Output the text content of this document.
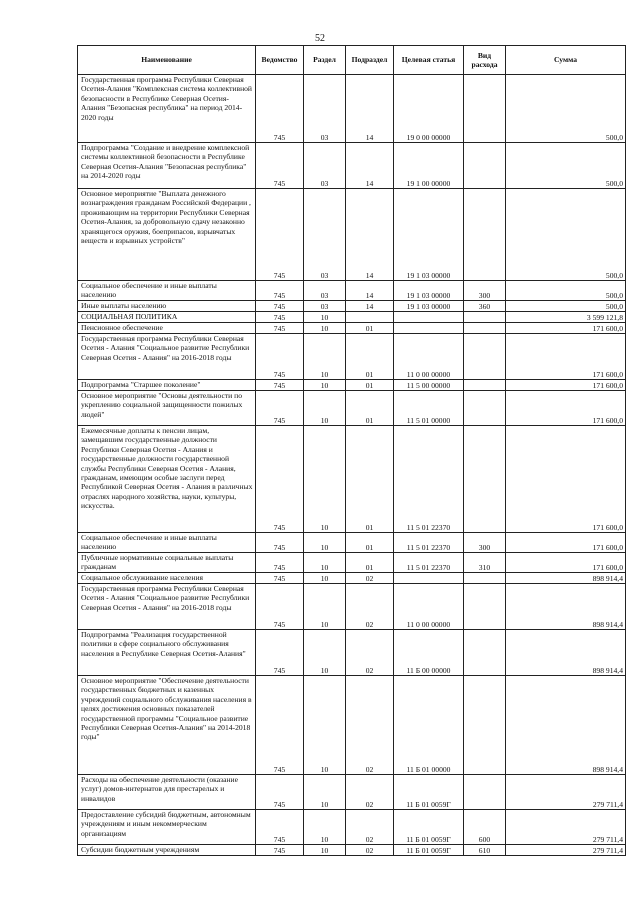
52
Наименование	Ведомство	Раздел	Подраздел	Целевая статья	Вид расхода	Сумма
Государственная программа Республики Северная Осетия-Алания "Комплексная система коллективной безопасности в Республике Северная Осетия-Алания "Безопасная республика" на период 2014-2020 годы	745	03	14	19 0 00 00000		500,0
Подпрограмма "Создание и внедрение комплексной системы коллективной безопасности в Республике Северная Осетия-Алания "Безопасная республика" на 2014-2020 годы	745	03	14	19 1 00 00000		500,0
Основное мероприятие "Выплата денежного вознаграждения гражданам Российской Федерации , проживающим на территории Республики Северная Осетия-Алания, за добровольную сдачу незаконно хранящегося оружия, боеприпасов, взрывчатых веществ и взрывных устройств"	745	03	14	19 1 03 00000		500,0
Социальное обеспечение и иные выплаты населению	745	03	14	19 1 03 00000	300	500,0
Иные выплаты населению	745	03	14	19 1 03 00000	360	500,0
СОЦИАЛЬНАЯ ПОЛИТИКА	745	10				3 599 121,8
Пенсионное обеспечение	745	10	01			171 600,0
Государственная программа Республики Северная Осетия - Алания "Социальное развитие Республики Северная Осетия - Алания" на 2016-2018 годы	745	10	01	11 0 00 00000		171 600,0
Подпрограмма "Старшее поколение"	745	10	01	11 5 00 00000		171 600,0
Основное мероприятие "Основы деятельности по укреплению социальной защищенности пожилых людей"	745	10	01	11 5 01 00000		171 600,0
Ежемесячные доплаты к пенсии лицам, замещавшим государственные должности Республики Северная Осетия - Алания и государственные должности государственной службы Республики Северная Осетия - Алания, гражданам, имеющим особые заслуги перед Республикой Северная Осетия - Алания в различных отраслях народного хозяйства, науки, культуры, искусства.	745	10	01	11 5 01 22370		171 600,0
Социальное обеспечение и иные выплаты населению	745	10	01	11 5 01 22370	300	171 600,0
Публичные нормативные социальные выплаты гражданам	745	10	01	11 5 01 22370	310	171 600,0
Социальное обслуживание населения	745	10	02			898 914,4
Государственная программа Республики Северная Осетия - Алания "Социальное развитие Республики Северная Осетия - Алания" на 2016-2018 годы	745	10	02	11 0 00 00000		898 914,4
Подпрограмма "Реализация государственной политики в сфере социального обслуживания населения в Республике Северная Осетия-Алания"	745	10	02	11 Б 00 00000		898 914,4
Основное мероприятие "Обеспечение деятельности государственных бюджетных и казенных учреждений социального обслуживания населения в целях достижения основных показателей государственной программы "Социальное развитие Республики Северная Осетия-Алания" на 2014-2018 годы"	745	10	02	11 Б 01 00000		898 914,4
Расходы на обеспечение деятельности (оказание услуг) домов-интернатов для престарелых и инвалидов	745	10	02	11 Б 01 0059Г		279 711,4
Предоставление субсидий бюджетным, автономным учреждениям и иным некоммерческим организациям	745	10	02	11 Б 01 0059Г	600	279 711,4
Субсидии бюджетным учреждениям	745	10	02	11 Б 01 0059Г	610	279 711,4
